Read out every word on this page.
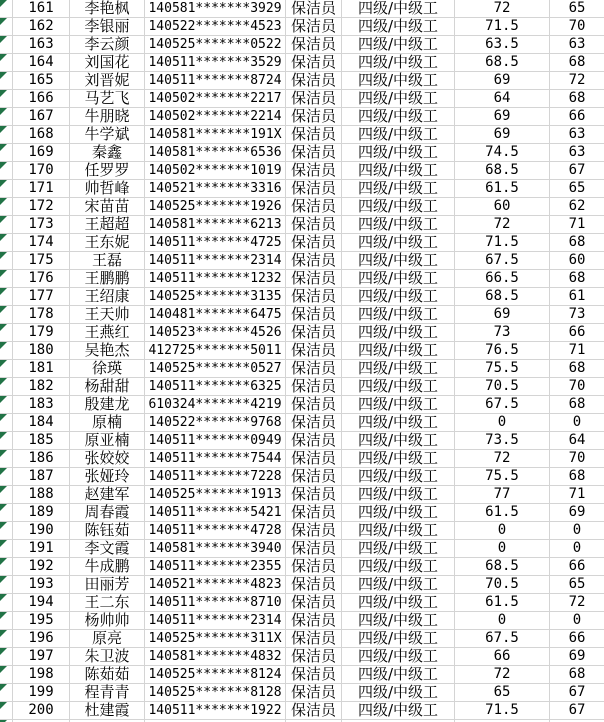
161	李艳枫	140581*******3929 保洁员	四级/中级工	72	65
162	李银丽	140522*******4523 保洁员	四级/中级工	71.5	70
163	李云颜	140525*******0522 保洁员	四级/中级工	63.5	63
164	刘国花	140511*******3529 保洁员	四级/中级工	68.5	68
165	刘晋妮	140511*******8724 保洁员	四级/中级工	69	72
166	马艺飞	140502*******2217 保洁员	四级/中级工	64	68
167	牛朋晓	140502*******2214 保洁员	四级/中级工	69	66
168	牛学斌	140581*******191X 保洁员	四级/中级工	69	63
169	秦鑫	140581*******6536 保洁员	四级/中级工	74.5	63
170	任罗罗	140502*******1019 保洁员	四级/中级工	68.5	67
171	帅哲峰	140521*******3316 保洁员	四级/中级工	61.5	65
172	宋苗苗	140525*******1926 保洁员	四级/中级工	60	62
173	王超超	140581*******6213 保洁员	四级/中级工	72	71
174	王东妮	140511*******4725 保洁员	四级/中级工	71.5	68
175	王磊	140511*******2314 保洁员	四级/中级工	67.5	60
176	王鹏鹏	140511*******1232 保洁员	四级/中级工	66.5	68
177	王绍康	140525*******3135 保洁员	四级/中级工	68.5	61
178	王天帅	140481*******6475 保洁员	四级/中级工	69	73
179	王燕红	140523*******4526 保洁员	四级/中级工	73	66
180	吴艳杰	412725*******5011 保洁员	四级/中级工	76.5	71
181	徐瑛	140525*******0527 保洁员	四级/中级工	75.5	68
182	杨甜甜	140511*******6325 保洁员	四级/中级工	70.5	70
183	殷建龙	610324*******4219 保洁员	四级/中级工	67.5	68
184	原楠	140522*******9768 保洁员	四级/中级工	0	0
185	原亚楠	140511*******0949 保洁员	四级/中级工	73.5	64
186	张姣姣	140511*******7544 保洁员	四级/中级工	72	70
187	张娅玲	140511*******7228 保洁员	四级/中级工	75.5	68
188	赵建军	140525*******1913 保洁员	四级/中级工	77	71
189	周春霞	140511*******5421 保洁员	四级/中级工	61.5	69
190	陈钰茹	140511*******4728 保洁员	四级/中级工	0	0
191	李文霞	140581*******3940 保洁员	四级/中级工	0	0
192	牛成鹏	140511*******2355 保洁员	四级/中级工	68.5	66
193	田丽芳	140521*******4823 保洁员	四级/中级工	70.5	65
194	王二东	140511*******8710 保洁员	四级/中级工	61.5	72
195	杨帅帅	140511*******2314 保洁员	四级/中级工	0	0
196	原亮	140525*******311X 保洁员	四级/中级工	67.5	66
197	朱卫波	140581*******4832 保洁员	四级/中级工	66	69
198	陈茹茹	140525*******8124 保洁员	四级/中级工	72	68
199	程青青	140525*******8128 保洁员	四级/中级工	65	67
200	杜建霞	140511*******1922 保洁员	四级/中级工	71.5	67
